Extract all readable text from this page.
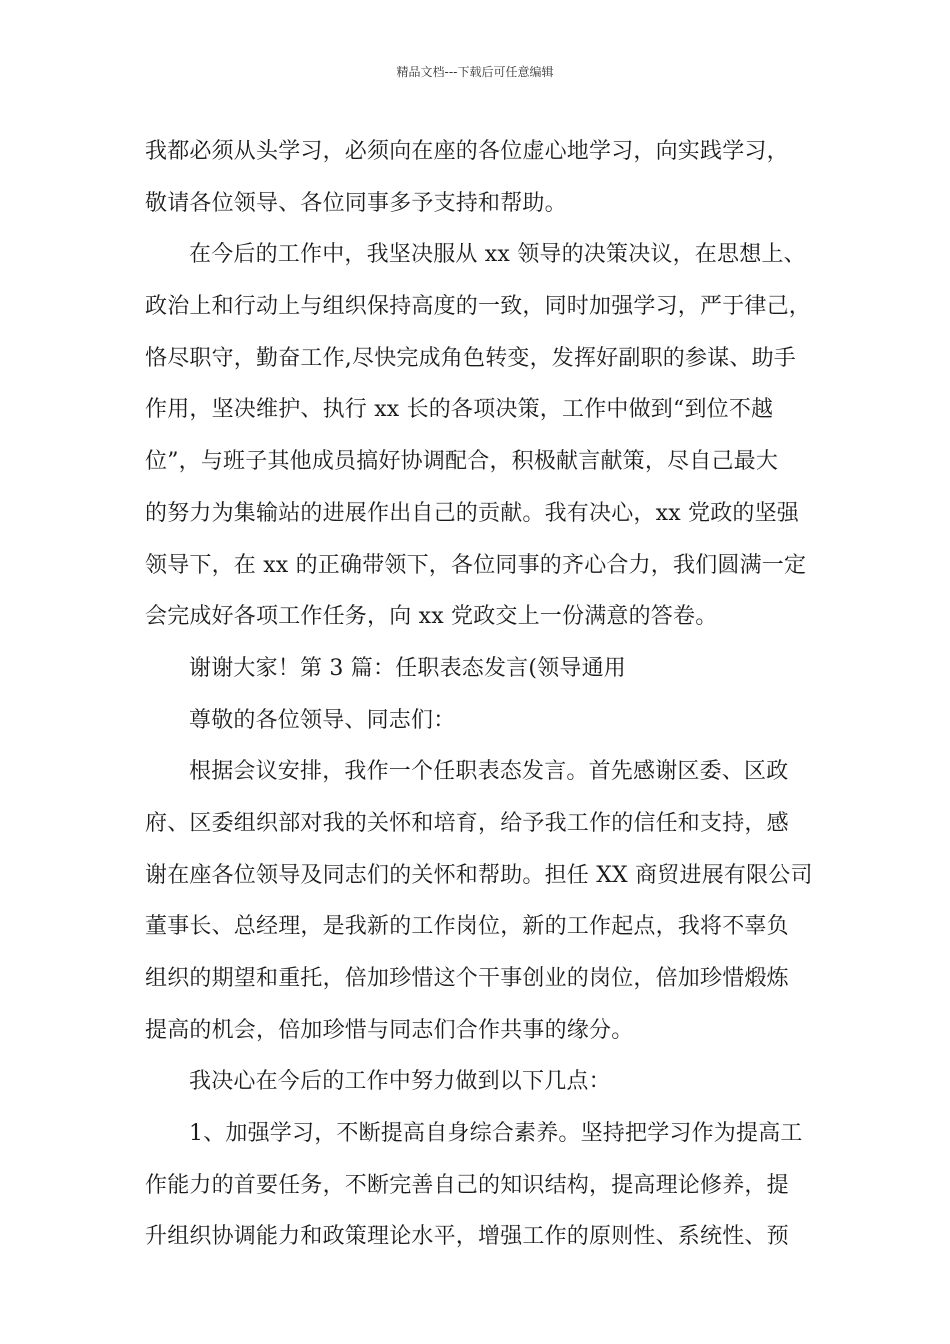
精品文档---下载后可任意编辑
我都必须从头学习，必须向在座的各位虚心地学习，向实践学习，
敬请各位领导、各位同事多予支持和帮助。
在今后的工作中，我坚决服从 xx 领导的决策决议，在思想上、
政治上和行动上与组织保持高度的一致，同时加强学习，严于律己，
恪尽职守，勤奋工作,尽快完成角色转变，发挥好副职的参谋、助手
作用，坚决维护、执行 xx 长的各项决策，工作中做到“到位不越
位”，与班子其他成员搞好协调配合，积极献言献策，尽自己最大
的努力为集输站的进展作出自己的贡献。我有决心，xx 党政的坚强
领导下，在 xx 的正确带领下，各位同事的齐心合力，我们圆满一定
会完成好各项工作任务，向 xx 党政交上一份满意的答卷。
谢谢大家！第 3 篇：任职表态发言(领导通用
尊敬的各位领导、同志们：
根据会议安排，我作一个任职表态发言。首先感谢区委、区政
府、区委组织部对我的关怀和培育，给予我工作的信任和支持，感
谢在座各位领导及同志们的关怀和帮助。担任 XX 商贸进展有限公司
董事长、总经理，是我新的工作岗位，新的工作起点，我将不辜负
组织的期望和重托，倍加珍惜这个干事创业的岗位，倍加珍惜煅炼
提高的机会，倍加珍惜与同志们合作共事的缘分。
我决心在今后的工作中努力做到以下几点：
1、加强学习，不断提高自身综合素养。坚持把学习作为提高工
作能力的首要任务，不断完善自己的知识结构，提高理论修养，提
升组织协调能力和政策理论水平，增强工作的原则性、系统性、预
